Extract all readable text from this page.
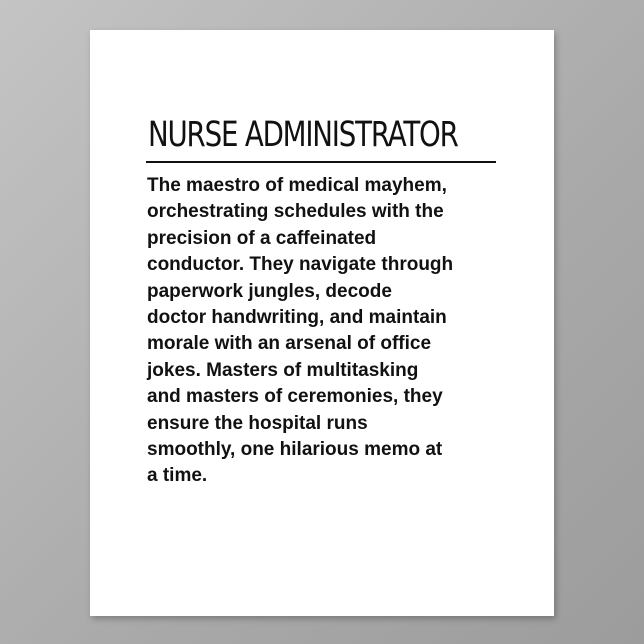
NURSE ADMINISTRATOR

The maestro of medical mayhem,
orchestrating schedules with the
precision of a caffeinated
conductor. They navigate through
paperwork jungles, decode
doctor handwriting, and maintain
morale with an arsenal of office
jokes. Masters of multitasking
and masters of ceremonies, they
ensure the hospital runs
smoothly, one hilarious memo at
a time.
